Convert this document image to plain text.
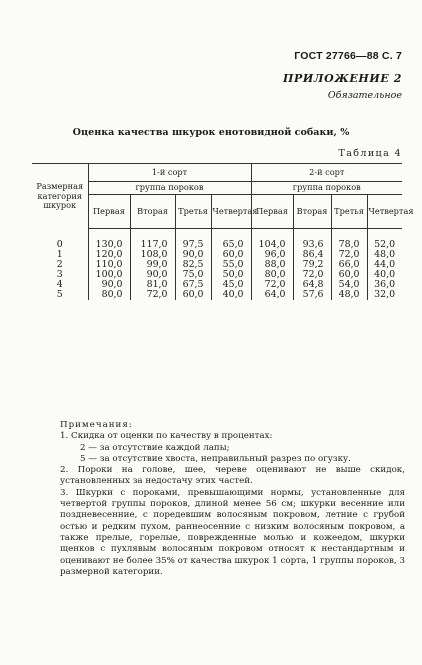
ГОСТ 27766—88 С. 7
ПРИЛОЖЕНИЕ 2
Обязательное
Оценка качества шкурок енотовидной собаки, %
Таблица 4
Размерная категория шкурок	1-й сорт				2-й сорт			
	группа пороков				группа пороков			
	Первая	Вторая	Третья	Четвертая	Первая	Вторая	Третья	Четвертая
0	130,0	117,0	97,5	65,0	104,0	93,6	78,0	52,0
1	120,0	108,0	90,0	60,0	96,0	86,4	72,0	48,0
2	110,0	99,0	82,5	55,0	88,0	79,2	66,0	44,0
3	100,0	90,0	75,0	50,0	80,0	72,0	60,0	40,0
4	90,0	81,0	67,5	45,0	72,0	64,8	54,0	36,0
5	80,0	72,0	60,0	40,0	64,0	57,6	48,0	32,0

Примечания:

1. Скидка от оценки по качеству в процентах:

2 — за отсутствие каждой лапы;

5 — за отсутствие хвоста, неправильный разрез по огузку.

2. Пороки на голове, шее, череве оценивают не выше скидок, установленных за недостачу этих частей.

3. Шкурки с пороками, превышающими нормы, установленные для четвертой группы пороков, длиной менее 56 см; шкурки весенние или поздневесенние, с поредевшим волосяным покровом, летние с грубой остью и редким пухом, раннеосенние с низким волосяным покровом, а также прелые, горелые, поврежденные молью и кожеедом, шкурки щенков с пухлявым волосяным покровом относят к нестандартным и оценивают не более 35% от качества шкурок 1 сорта, 1 группы пороков, 3 размерной категории.
